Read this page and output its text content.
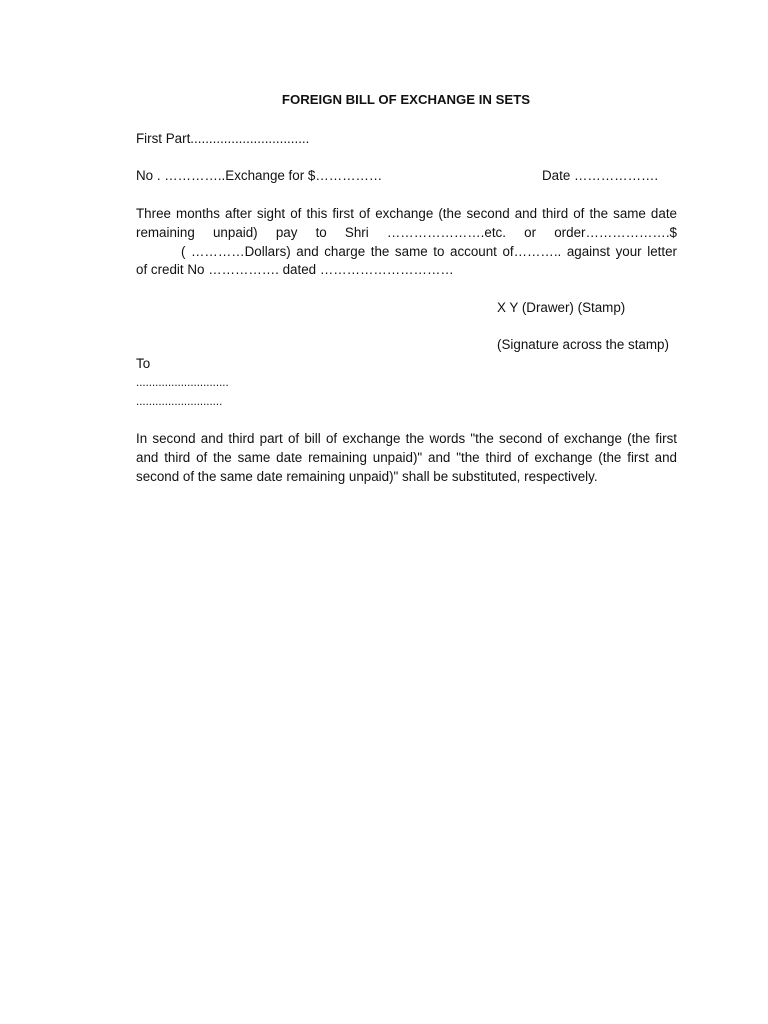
FOREIGN BILL OF EXCHANGE IN SETS
First Part................................
No . …………..Exchange for $……………	Date ……………….
Three months after sight of this first of exchange (the second and third of the same date
remaining unpaid) pay to Shri ………………….etc. or order……………….$
( …………Dollars) and charge the same to account of……….. against your letter
of credit No ……………. dated …………………………
X Y (Drawer) (Stamp)
(Signature across the stamp)
To
.............................
...........................
In second and third part of bill of exchange the words "the second of exchange (the first
and third of the same date remaining unpaid)" and "the third of exchange (the first and
second of the same date remaining unpaid)" shall be substituted, respectively.
